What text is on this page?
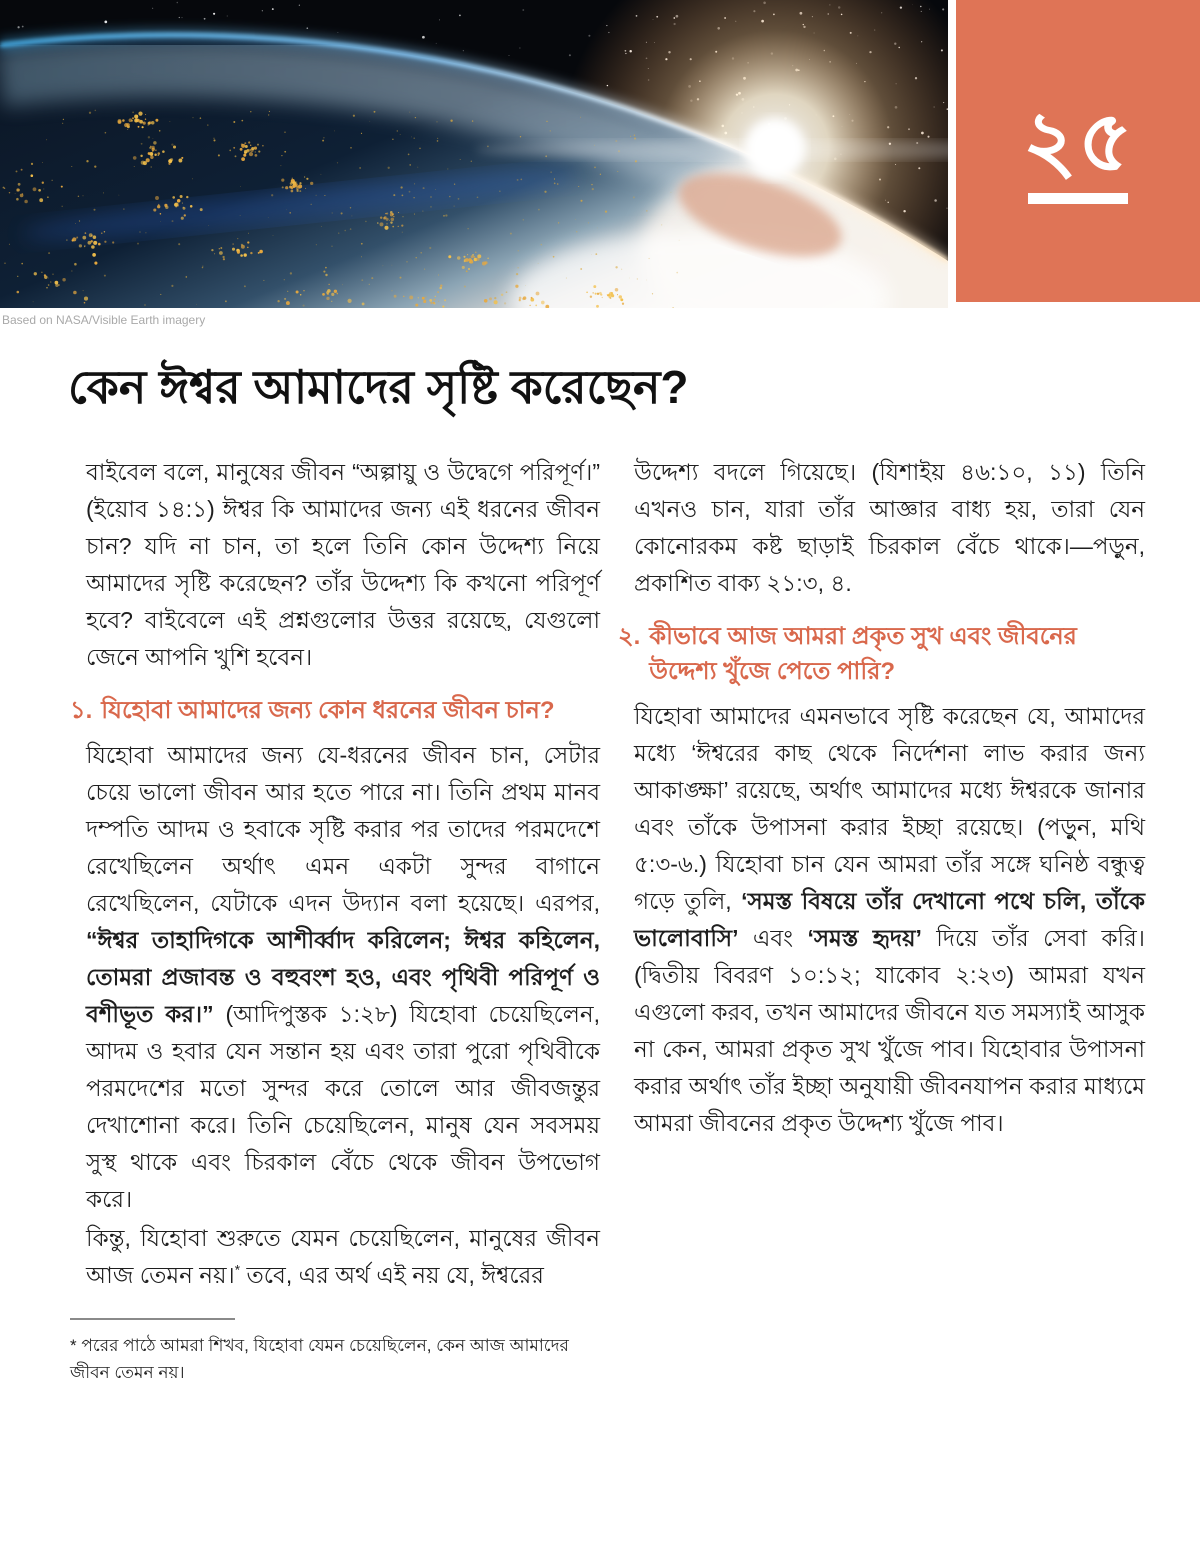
২৫
Based on NASA/Visible Earth imagery
কেন ঈশ্বর আমাদের সৃষ্টি করেছেন?

বাইবেল বলে, মানুষের জীবন “অল্পায়ু ও উদ্বেগে পরিপূর্ণ।” (ইয়োব ১৪:১) ঈশ্বর কি আমাদের জন্য এই ধরনের জীবন চান? যদি না চান, তা হলে তিনি কোন উদ্দেশ্য নিয়ে আমাদের সৃষ্টি করেছেন? তাঁর উদ্দেশ্য কি কখনো পরিপূর্ণ হবে? বাইবেলে এই প্রশ্নগুলোর উত্তর রয়েছে, যেগুলো জেনে আপনি খুশি হবেন।

১. যিহোবা আমাদের জন্য কোন ধরনের জীবন চান?

যিহোবা আমাদের জন্য যে-ধরনের জীবন চান, সেটার চেয়ে ভালো জীবন আর হতে পারে না। তিনি প্রথম মানব দম্পতি আদম ও হবাকে সৃষ্টি করার পর তাদের পরমদেশে রেখেছিলেন অর্থাৎ এমন একটা সুন্দর বাগানে রেখেছিলেন, যেটাকে এদন উদ্যান বলা হয়েছে। এরপর, “ঈশ্বর তাহাদিগকে আশীর্ব্বাদ করিলেন; ঈশ্বর কহিলেন, তোমরা প্রজাবন্ত ও বহুবংশ হও, এবং পৃথিবী পরিপূর্ণ ও বশীভূত কর।” (আদিপুস্তক ১:২৮) যিহোবা চেয়েছিলেন, আদম ও হবার যেন সন্তান হয় এবং তারা পুরো পৃথিবীকে পরমদেশের মতো সুন্দর করে তোলে আর জীবজন্তুর দেখাশোনা করে। তিনি চেয়েছিলেন, মানুষ যেন সবসময় সুস্থ থাকে এবং চিরকাল বেঁচে থেকে জীবন উপভোগ করে।

কিন্তু, যিহোবা শুরুতে যেমন চেয়েছিলেন, মানুষের জীবন আজ তেমন নয়।* তবে, এর অর্থ এই নয় যে, ঈশ্বরের

* পরের পাঠে আমরা শিখব, যিহোবা যেমন চেয়েছিলেন, কেন আজ আমাদের জীবন তেমন নয়।

উদ্দেশ্য বদলে গিয়েছে। (যিশাইয় ৪৬:১০, ১১) তিনি এখনও চান, যারা তাঁর আজ্ঞার বাধ্য হয়, তারা যেন কোনোরকম কষ্ট ছাড়াই চিরকাল বেঁচে থাকে।—পড়ুন, প্রকাশিত বাক্য ২১:৩, ৪.

২. কীভাবে আজ আমরা প্রকৃত সুখ এবং জীবনের উদ্দেশ্য খুঁজে পেতে পারি?

যিহোবা আমাদের এমনভাবে সৃষ্টি করেছেন যে, আমাদের মধ্যে ‘ঈশ্বরের কাছ থেকে নির্দেশনা লাভ করার জন্য আকাঙ্ক্ষা’ রয়েছে, অর্থাৎ আমাদের মধ্যে ঈশ্বরকে জানার এবং তাঁকে উপাসনা করার ইচ্ছা রয়েছে। (পড়ুন, মথি ৫:৩-৬.) যিহোবা চান যেন আমরা তাঁর সঙ্গে ঘনিষ্ঠ বন্ধুত্ব গড়ে তুলি, ‘সমস্ত বিষয়ে তাঁর দেখানো পথে চলি, তাঁকে ভালোবাসি’ এবং ‘সমস্ত হৃদয়’ দিয়ে তাঁর সেবা করি। (দ্বিতীয় বিবরণ ১০:১২; যাকোব ২:২৩) আমরা যখন এগুলো করব, তখন আমাদের জীবনে যত সমস্যাই আসুক না কেন, আমরা প্রকৃত সুখ খুঁজে পাব। যিহোবার উপাসনা করার অর্থাৎ তাঁর ইচ্ছা অনুযায়ী জীবনযাপন করার মাধ্যমে আমরা জীবনের প্রকৃত উদ্দেশ্য খুঁজে পাব।
